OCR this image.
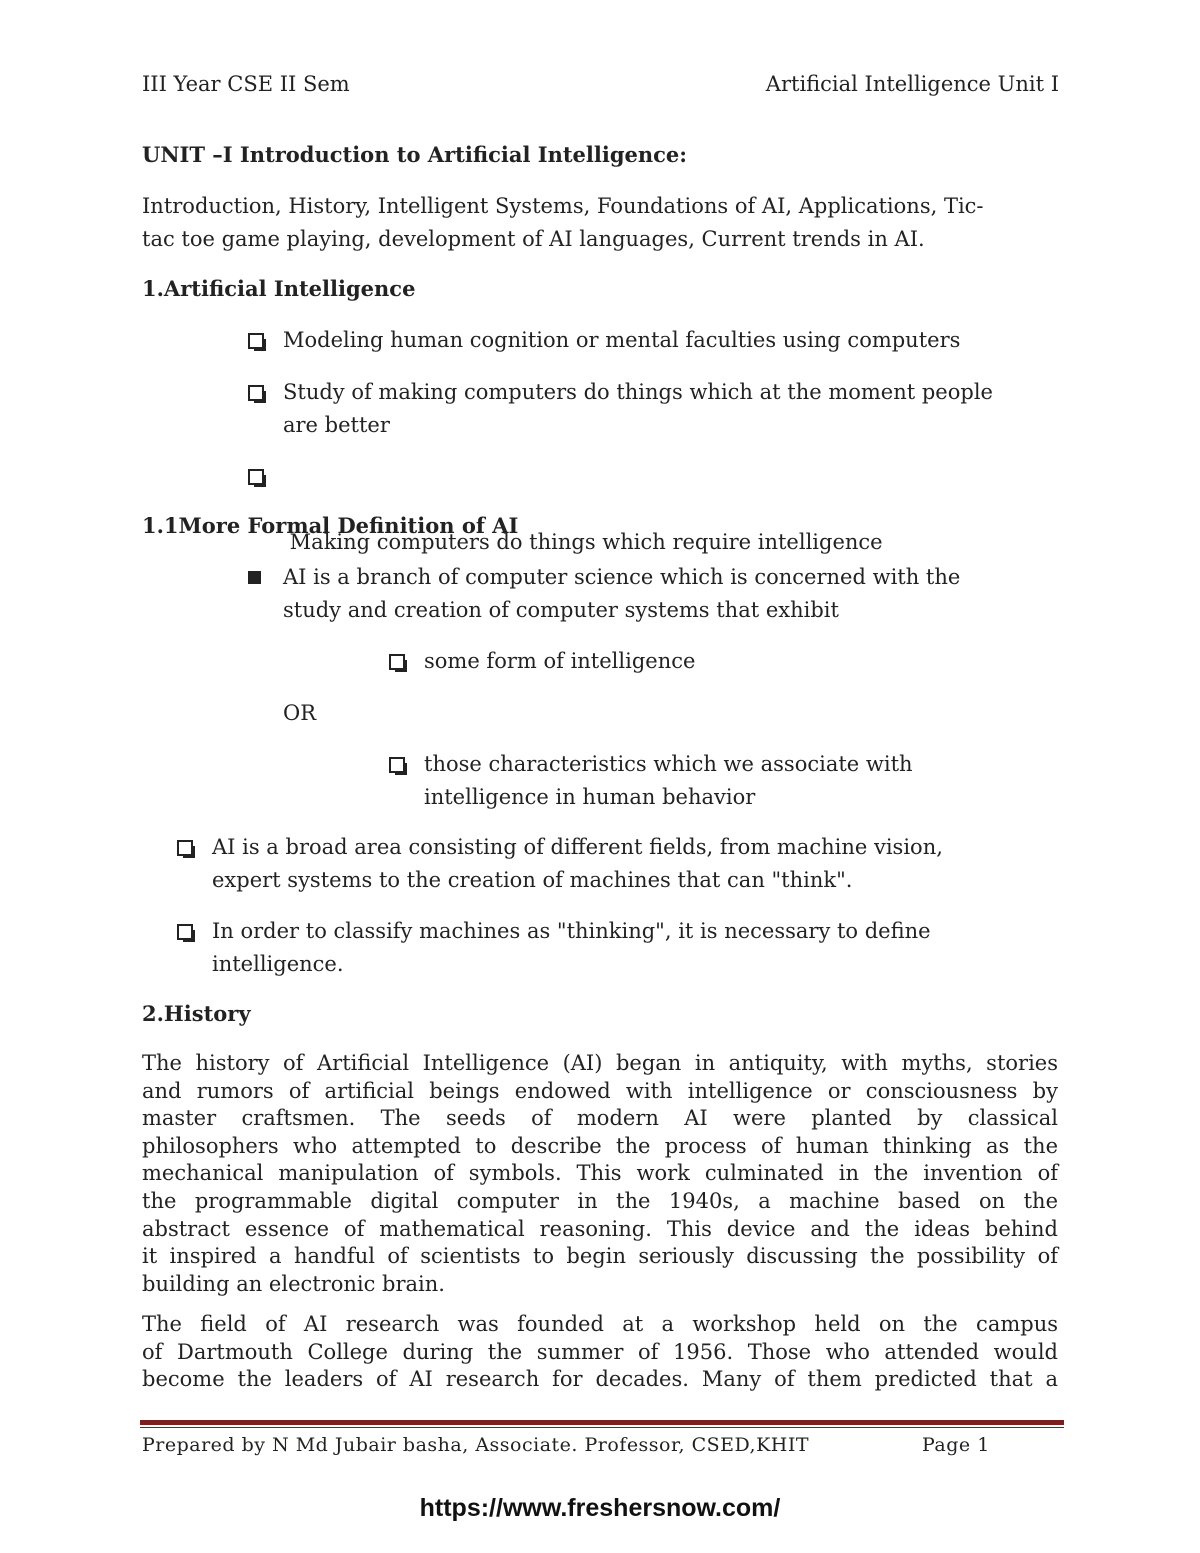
III Year CSE II Sem	Artificial Intelligence Unit I
UNIT –I Introduction to Artificial Intelligence:
Introduction, History, Intelligent Systems, Foundations of AI, Applications, Tic-
tac toe game playing, development of AI languages, Current trends in AI.
1.Artificial Intelligence
Modeling human cognition or mental faculties using computers
Study of making computers do things which at the moment people
are better

Making computers do things which require intelligence

1.1More Formal Definition of AI
AI is a branch of computer science which is concerned with the
study and creation of computer systems that exhibit
some form of intelligence
OR
those characteristics which we associate with
intelligence in human behavior
AI is a broad area consisting of different fields, from machine vision,
expert systems to the creation of machines that can "think".
In order to classify machines as "thinking", it is necessary to define
intelligence.
2.History
The history of Artificial Intelligence (AI) began in antiquity, with myths, stories
and rumors of artificial beings endowed with intelligence or consciousness by
master craftsmen. The seeds of modern AI were planted by classical
philosophers who attempted to describe the process of human thinking as the
mechanical manipulation of symbols. This work culminated in the invention of
the programmable digital computer in the 1940s, a machine based on the
abstract essence of mathematical reasoning. This device and the ideas behind
it inspired a handful of scientists to begin seriously discussing the possibility of
building an electronic brain.
The field of AI research was founded at a workshop held on the campus
of Dartmouth College during the summer of 1956. Those who attended would
become the leaders of AI research for decades. Many of them predicted that a
Prepared by N Md Jubair basha, Associate. Professor, CSED,KHIT	Page 1
https://www.freshersnow.com/
